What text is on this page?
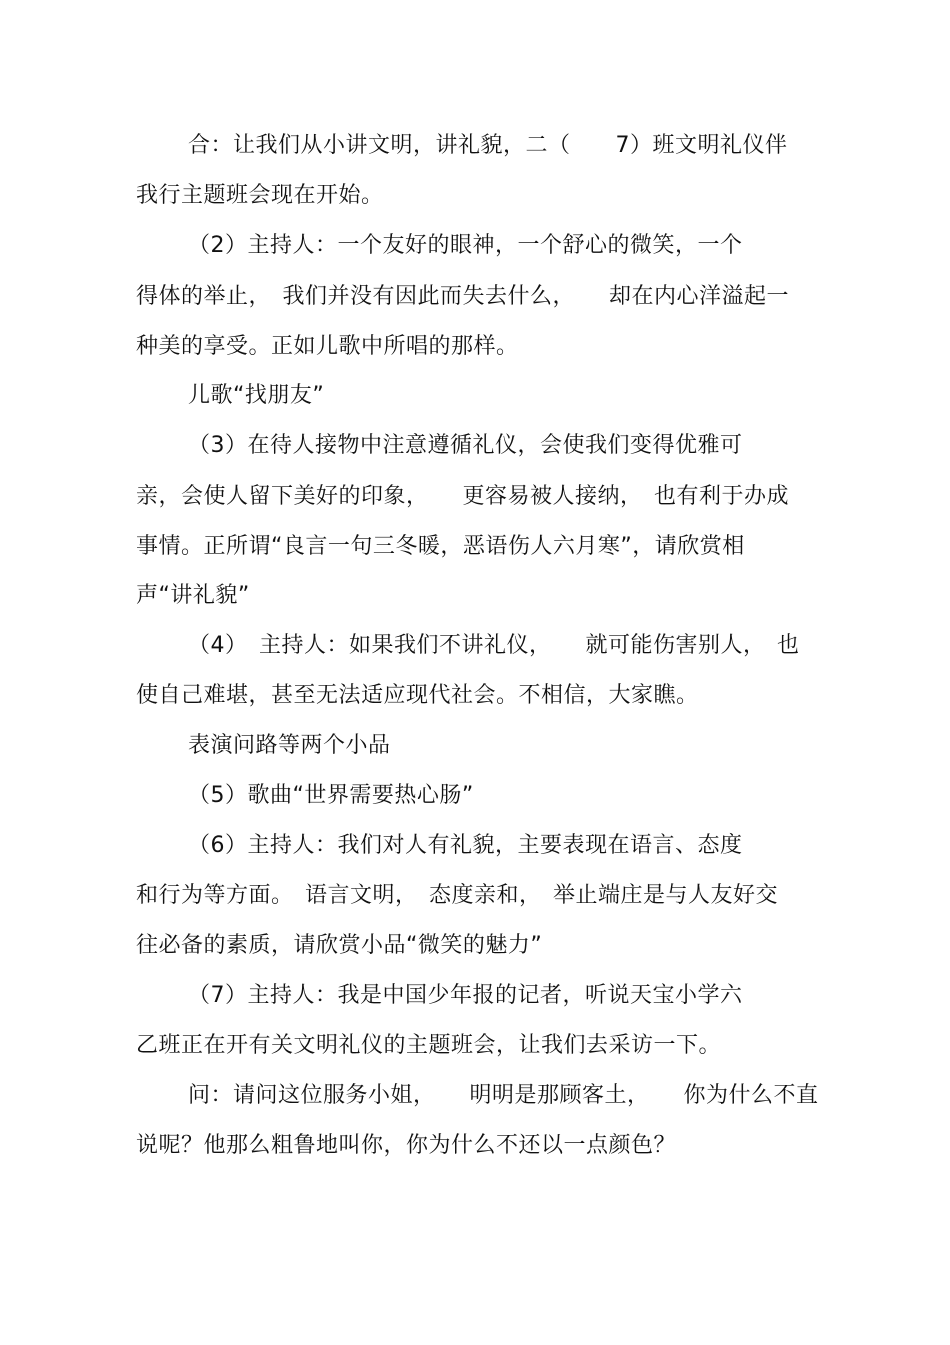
合：让我们从小讲文明，讲礼貌，二（　　7）班文明礼仪伴
我行主题班会现在开始。
（2）主持人：一个友好的眼神，一个舒心的微笑，一个
得体的举止，　我们并没有因此而失去什么，　　却在内心洋溢起一
种美的享受。正如儿歌中所唱的那样。
儿歌“找朋友”
（3）在待人接物中注意遵循礼仪，会使我们变得优雅可
亲，会使人留下美好的印象，　　更容易被人接纳，　也有利于办成
事情。正所谓“良言一句三冬暖，恶语伤人六月寒”，请欣赏相
声“讲礼貌”
（4）　主持人：如果我们不讲礼仪，　　就可能伤害别人，　也
使自己难堪，甚至无法适应现代社会。不相信，大家瞧。
表演问路等两个小品
（5）歌曲“世界需要热心肠”
（6）主持人：我们对人有礼貌，主要表现在语言、态度
和行为等方面。　语言文明，　态度亲和，　举止端庄是与人友好交
往必备的素质，请欣赏小品“微笑的魅力”
（7）主持人：我是中国少年报的记者，听说天宝小学六
乙班正在开有关文明礼仪的主题班会，让我们去采访一下。
问：请问这位服务小姐，　　明明是那顾客土，　　你为什么不直
说呢？他那么粗鲁地叫你，你为什么不还以一点颜色？
